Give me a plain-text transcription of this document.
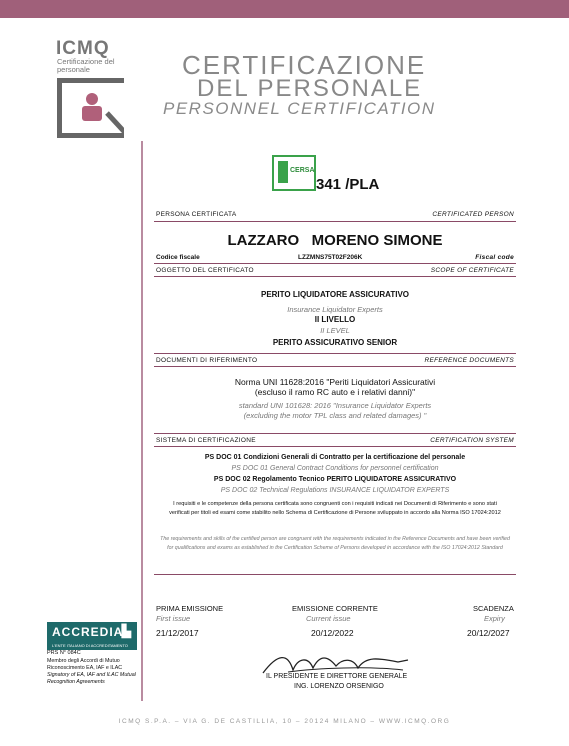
ICMQ
Certificazione del personale	CERTIFICAZIONE
DEL PERSONALE
PERSONNEL CERTIFICATION
CERSA
341 /PLA
PERSONA CERTIFICATA	CERTIFICATED PERSON
LAZZARO   MORENO SIMONE
Codice fiscale	LZZMNS75T02F206K	Fiscal code
OGGETTO DEL CERTIFICATO	SCOPE OF CERTIFICATE
PERITO LIQUIDATORE ASSICURATIVO
Insurance Liquidator Experts
II LIVELLO
II LEVEL
PERITO ASSICURATIVO SENIOR
DOCUMENTI DI RIFERIMENTO	REFERENCE DOCUMENTS
Norma UNI 11628:2016 "Periti Liquidatori Assicurativi
(escluso il ramo RC auto e i relativi danni)"
standard UNI 101628: 2016 "Insurance Liquidator Experts
(excluding the motor TPL class and related damages) "
SISTEMA DI CERTIFICAZIONE	CERTIFICATION SYSTEM
PS DOC 01 Condizioni Generali di Contratto per la certificazione del personale
PS DOC 01 General Contract Conditions for personnel certification
PS DOC 02 Regolamento Tecnico PERITO LIQUIDATORE ASSICURATIVO
PS DOC 02 Technical Regulations INSURANCE LIQUIDATOR EXPERTS
I requisiti e le competenze della persona certificata sono congruenti con i requisiti indicati nei Documenti di Riferimento e sono stati verificati per titoli ed esami come stabilito nello Schema di Certificazione di Persone sviluppato in accordo alla Norma ISO 17024:2012
The requirements and skills of the certified person are congruent with the requirements indicated in the Reference Documents and have been verified for qualifications and exams as established in the Certification Scheme of Persons developed in accordance with the ISO 17024:2012 Standard
PRIMA EMISSIONE
First issue
21/12/2017
EMISSIONE CORRENTE
Current issue
20/12/2022
SCADENZA
Expiry
20/12/2027
IL PRESIDENTE E DIRETTORE GENERALE
ING. LORENZO ORSENIGO
ACCREDIA
▙
L'ENTE ITALIANO DI ACCREDITAMENTO
PRS N° 084C
Membro degli Accordi di Mutuo Riconoscimento EA, IAF e ILAC
Signatory of EA, IAF and ILAC Mutual Recognition Agreements
ICMQ S.P.A. – VIA G. DE CASTILLIA, 10 – 20124 MILANO – WWW.ICMQ.ORG
